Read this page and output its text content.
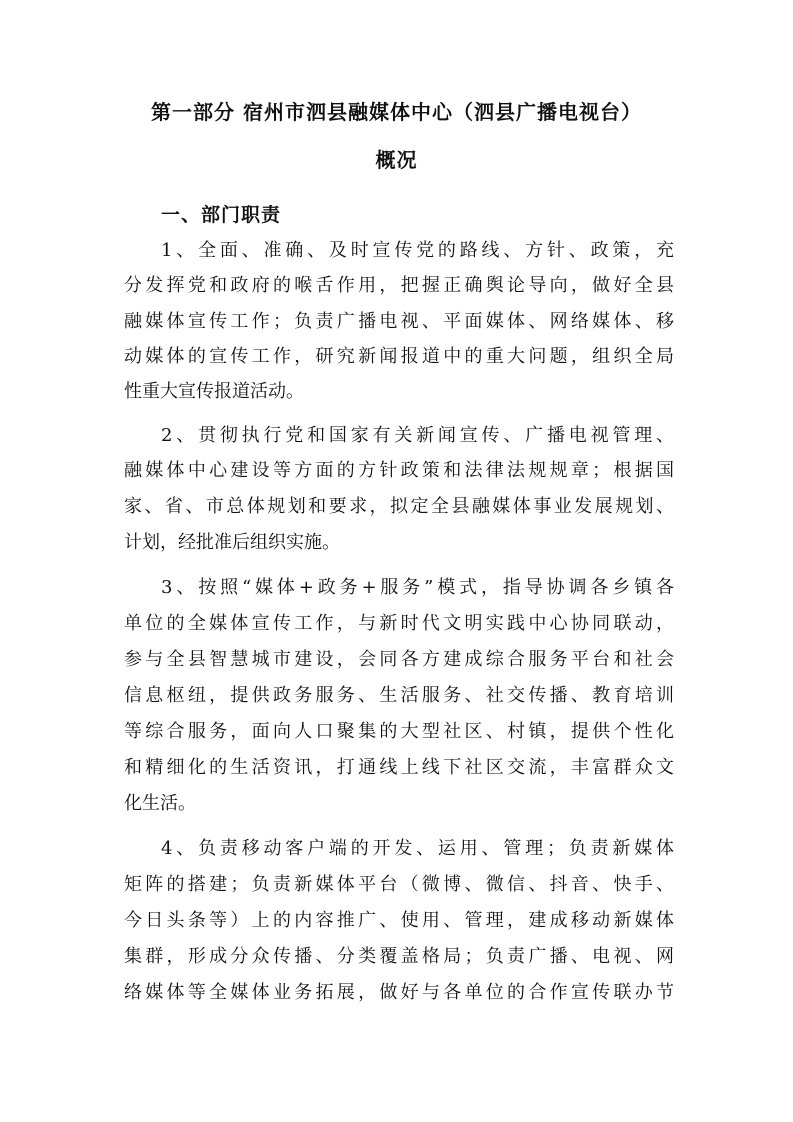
第一部分 宿州市泗县融媒体中心（泗县广播电视台）
概况
一、部门职责
1、全面、准确、及时宣传党的路线、方针、政策，充
分发挥党和政府的喉舌作用，把握正确舆论导向，做好全县
融媒体宣传工作；负责广播电视、平面媒体、网络媒体、移
动媒体的宣传工作，研究新闻报道中的重大问题，组织全局
性重大宣传报道活动。
2、贯彻执行党和国家有关新闻宣传、广播电视管理、
融媒体中心建设等方面的方针政策和法律法规规章；根据国
家、省、市总体规划和要求，拟定全县融媒体事业发展规划、
计划，经批准后组织实施。
3、按照“媒体+政务+服务”模式，指导协调各乡镇各
单位的全媒体宣传工作，与新时代文明实践中心协同联动，
参与全县智慧城市建设，会同各方建成综合服务平台和社会
信息枢纽，提供政务服务、生活服务、社交传播、教育培训
等综合服务，面向人口聚集的大型社区、村镇，提供个性化
和精细化的生活资讯，打通线上线下社区交流，丰富群众文
化生活。
4、负责移动客户端的开发、运用、管理；负责新媒体
矩阵的搭建；负责新媒体平台（微博、微信、抖音、快手、
今日头条等）上的内容推广、使用、管理，建成移动新媒体
集群，形成分众传播、分类覆盖格局；负责广播、电视、网
络媒体等全媒体业务拓展，做好与各单位的合作宣传联办节
